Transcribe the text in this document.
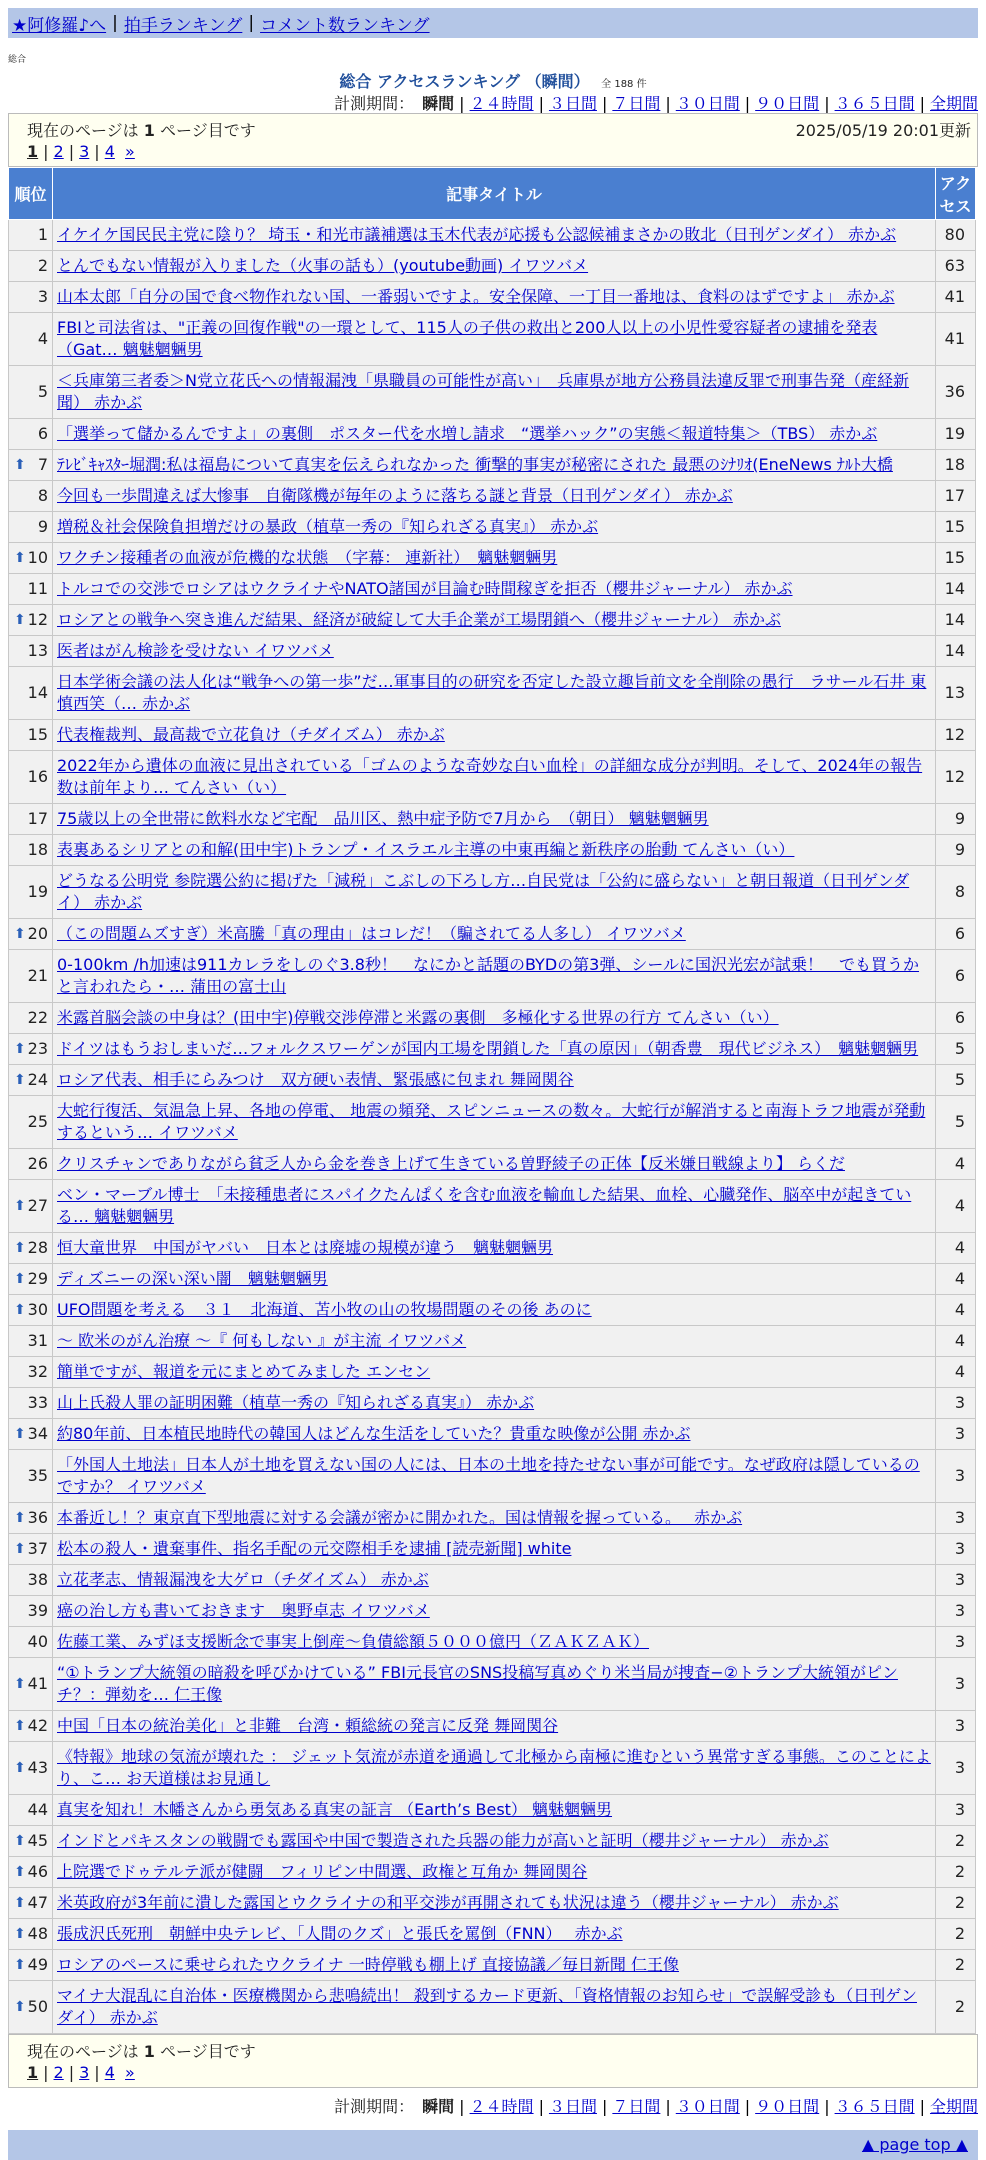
★阿修羅♪へ | 拍手ランキング | コメント数ランキング
総合
総合 アクセスランキング （瞬間） 全 188 件
計測期間： 瞬間 | ２４時間 | ３日間 | ７日間 | ３０日間 | ９０日間 | ３６５日間 | 全期間
現在のページは 1 ページ目です	2025/05/19 20:01更新
1 | 2 | 3 | 4 »
順位	記事タイトル	アクセス
1	イケイケ国民民主党に陰り？ 埼玉・和光市議補選は玉木代表が応援も公認候補まさかの敗北（日刊ゲンダイ） 赤かぶ	80
2	とんでもない情報が入りました（火事の話も）(youtube動画) イワツバメ	63
3	山本太郎「自分の国で食べ物作れない国、一番弱いですよ。安全保障、一丁目一番地は、食料のはずですよ」 赤かぶ	41
4	FBIと司法省は、"正義の回復作戦"の一環として、115人の子供の救出と200人以上の小児性愛容疑者の逮捕を発表（Gat… 魑魅魍魎男	41
5	＜兵庫第三者委＞N党立花氏への情報漏洩「県職員の可能性が高い」　兵庫県が地方公務員法違反罪で刑事告発（産経新聞） 赤かぶ	36
6	「選挙って儲かるんですよ」の裏側　ポスター代を水増し請求　“選挙ハック”の実態＜報道特集＞（TBS） 赤かぶ	19

⬆ 7	ﾃﾚﾋﾞｷｬｽﾀｰ堀潤:私は福島について真実を伝えられなかった 衝撃的事実が秘密にされた 最悪のｼﾅﾘｵ(EneNews ﾅﾙﾄ大橋	18
8	今回も一歩間違えば大惨事　自衛隊機が毎年のように落ちる謎と背景（日刊ゲンダイ） 赤かぶ	17
9	増税＆社会保険負担増だけの暴政（植草一秀の『知られざる真実』） 赤かぶ	15

⬆ 10	ワクチン接種者の血液が危機的な状態　（字幕： 連新社）　魑魅魍魎男	15
11	トルコでの交渉でロシアはウクライナやNATO諸国が目論む時間稼ぎを拒否（櫻井ジャーナル） 赤かぶ	14

⬆ 12	ロシアとの戦争へ突き進んだ結果、経済が破綻して大手企業が工場閉鎖へ（櫻井ジャーナル） 赤かぶ	14
13	医者はがん検診を受けない イワツバメ	14
14	日本学術会議の法人化は“戦争への第一歩”だ…軍事目的の研究を否定した設立趣旨前文を全削除の愚行　ラサール石井 東慎西笑（… 赤かぶ	13
15	代表権裁判、最高裁で立花負け（チダイズム） 赤かぶ	12
16	2022年から遺体の血液に見出されている「ゴムのような奇妙な白い血栓」の詳細な成分が判明。そして、2024年の報告数は前年より… てんさい（い）	12
17	75歳以上の全世帯に飲料水など宅配　品川区、熱中症予防で7月から　（朝日） 魑魅魍魎男	9
18	表裏あるシリアとの和解(田中宇)トランプ・イスラエル主導の中東再編と新秩序の胎動 てんさい（い）	9
19	どうなる公明党 参院選公約に掲げた「減税」こぶしの下ろし方…自民党は「公約に盛らない」と朝日報道（日刊ゲンダイ） 赤かぶ	8

⬆ 20	（この問題ムズすぎ）米高騰「真の理由」はコレだ！（騙されてる人多し） イワツバメ	6
21	0-100km /h加速は911カレラをしのぐ3.8秒！　なにかと話題のBYDの第3弾、シールに国沢光宏が試乗！　でも買うかと言われたら・… 蒲田の富士山	6
22	米露首脳会談の中身は？(田中宇)停戦交渉停滞と米露の裏側　多極化する世界の行方 てんさい（い）	6

⬆ 23	ドイツはもうおしまいだ…フォルクスワーゲンが国内工場を閉鎖した「真の原因」（朝香豊　現代ビジネス）　魑魅魍魎男	5

⬆ 24	ロシア代表、相手にらみつけ　双方硬い表情、緊張感に包まれ 舞岡関谷	5
25	大蛇行復活、気温急上昇、各地の停電、 地震の頻発、スピンニュースの数々。大蛇行が解消すると南海トラフ地震が発動するという… イワツバメ	5
26	クリスチャンでありながら貧乏人から金を巻き上げて生きている曽野綾子の正体【反米嫌日戦線より】 らくだ	4

⬆ 27	ベン・マーブル博士　「未接種患者にスパイクたんぱくを含む血液を輸血した結果、血栓、心臓発作、脳卒中が起きている… 魑魅魍魎男	4

⬆ 28	恒大童世界　中国がヤバい　日本とは廃墟の規模が違う　魑魅魍魎男	4

⬆ 29	ディズニーの深い深い闇　魑魅魍魎男	4

⬆ 30	UFO問題を考える　３１　北海道、苫小牧の山の牧場問題のその後 あのに	4
31	～ 欧米のがん治療 ～『 何もしない 』が主流 イワツバメ	4
32	簡単ですが、報道を元にまとめてみました エンセン	4
33	山上氏殺人罪の証明困難（植草一秀の『知られざる真実』） 赤かぶ	3

⬆ 34	約80年前、日本植民地時代の韓国人はどんな生活をしていた？貴重な映像が公開 赤かぶ	3
35	「外国人土地法」日本人が土地を買えない国の人には、日本の土地を持たせない事が可能です。なぜ政府は隠しているのですか？ イワツバメ	3

⬆ 36	本番近し！？東京直下型地震に対する会議が密かに開かれた。国は情報を握っている。　 赤かぶ	3

⬆ 37	松本の殺人・遺棄事件、指名手配の元交際相手を逮捕 [読売新聞] white	3
38	立花孝志、情報漏洩を大ゲロ（チダイズム） 赤かぶ	3
39	癌の治し方も書いておきます　奥野卓志 イワツバメ	3
40	佐藤工業、みずほ支援断念で事実上倒産～負債総額５０００億円（ＺＡＫＺＡＫ）	3

⬆ 41	“①トランプ大統領の暗殺を呼びかけている” FBI元長官のSNS投稿写真めぐり米当局が捜査−②トランプ大統領がピンチ？：弾劾を… 仁王像	3

⬆ 42	中国「日本の統治美化」と非難　台湾・頼総統の発言に反発 舞岡関谷	3

⬆ 43	《特報》地球の気流が壊れた ： ジェット気流が赤道を通過して北極から南極に進むという異常すぎる事態。このことにより、こ… お天道様はお見通し	3
44	真実を知れ！木幡さんから勇気ある真実の証言 （Earth’s Best） 魑魅魍魎男	3

⬆ 45	インドとパキスタンの戦闘でも露国や中国で製造された兵器の能力が高いと証明（櫻井ジャーナル） 赤かぶ	2

⬆ 46	上院選でドゥテルテ派が健闘　フィリピン中間選、政権と互角か 舞岡関谷	2

⬆ 47	米英政府が3年前に潰した露国とウクライナの和平交渉が再開されても状況は違う（櫻井ジャーナル） 赤かぶ	2

⬆ 48	張成沢氏死刑　朝鮮中央テレビ、「人間のクズ」と張氏を罵倒（FNN）　 赤かぶ	2

⬆ 49	ロシアのペースに乗せられたウクライナ 一時停戦も棚上げ 直接協議／毎日新聞 仁王像	2

⬆ 50	マイナ大混乱に自治体・医療機関から悲鳴続出！ 殺到するカード更新、「資格情報のお知らせ」で誤解受診も（日刊ゲンダイ） 赤かぶ	2
現在のページは 1 ページ目です
1 | 2 | 3 | 4 »
計測期間： 瞬間 | ２４時間 | ３日間 | ７日間 | ３０日間 | ９０日間 | ３６５日間 | 全期間
▲ page top ▲
